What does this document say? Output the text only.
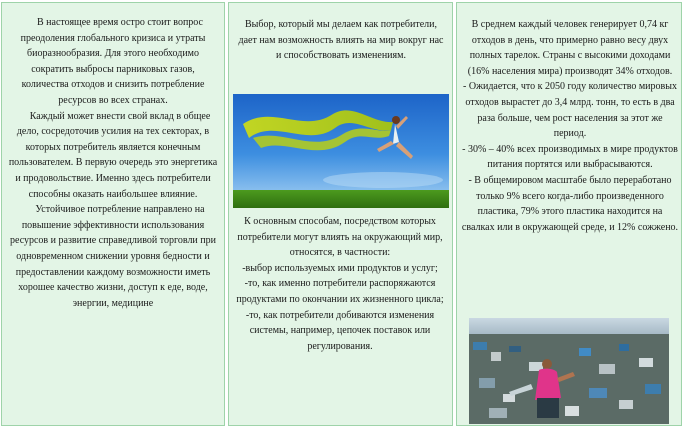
В настоящее время остро стоит вопрос преодоления глобального кризиса и утраты биоразнообразия. Для этого необходимо сократить выбросы парниковых газов, количества отходов и снизить потребление ресурсов во всех странах.

Каждый может внести свой вклад в общее дело, сосредоточив усилия на тех секторах, в которых потребитель является конечным пользователем. В первую очередь это энергетика и продовольствие. Именно здесь потребители способны оказать наибольшее влияние.

Устойчивое потребление направлено на повышение эффективности использования ресурсов и развитие справедливой торговли при одновременном снижении уровня бедности и предоставлении каждому возможности иметь хорошее качество жизни, доступ к еде, воде, энергии, медицине

Выбор, который мы делаем как потребители, дает нам возможность влиять на мир вокруг нас и способствовать изменениям.

К основным способам, посредством которых потребители могут влиять на окружающий мир, относятся, в частности:

-выбор используемых ими продуктов и услуг;

-то, как именно потребители распоряжаются продуктами по окончании их жизненного цикла;

-то, как потребители добиваются изменения системы, например, цепочек поставок или регулирования.

В среднем каждый человек генерирует 0,74 кг отходов в день, что примерно равно весу двух полных тарелок. Страны с высокими доходами (16% населения мира) производят 34% отходов.

- Ожидается, что к 2050 году количество мировых отходов вырастет до 3,4 млрд. тонн, то есть в два раза больше, чем рост населения за этот же период.

- 30% – 40% всех производимых в мире продуктов питания портятся или выбрасываются.

- В общемировом масштабе было переработано только 9% всего когда-либо произведенного пластика, 79% этого пластика находится на свалках или в окружающей среде, и 12% сожжено.
